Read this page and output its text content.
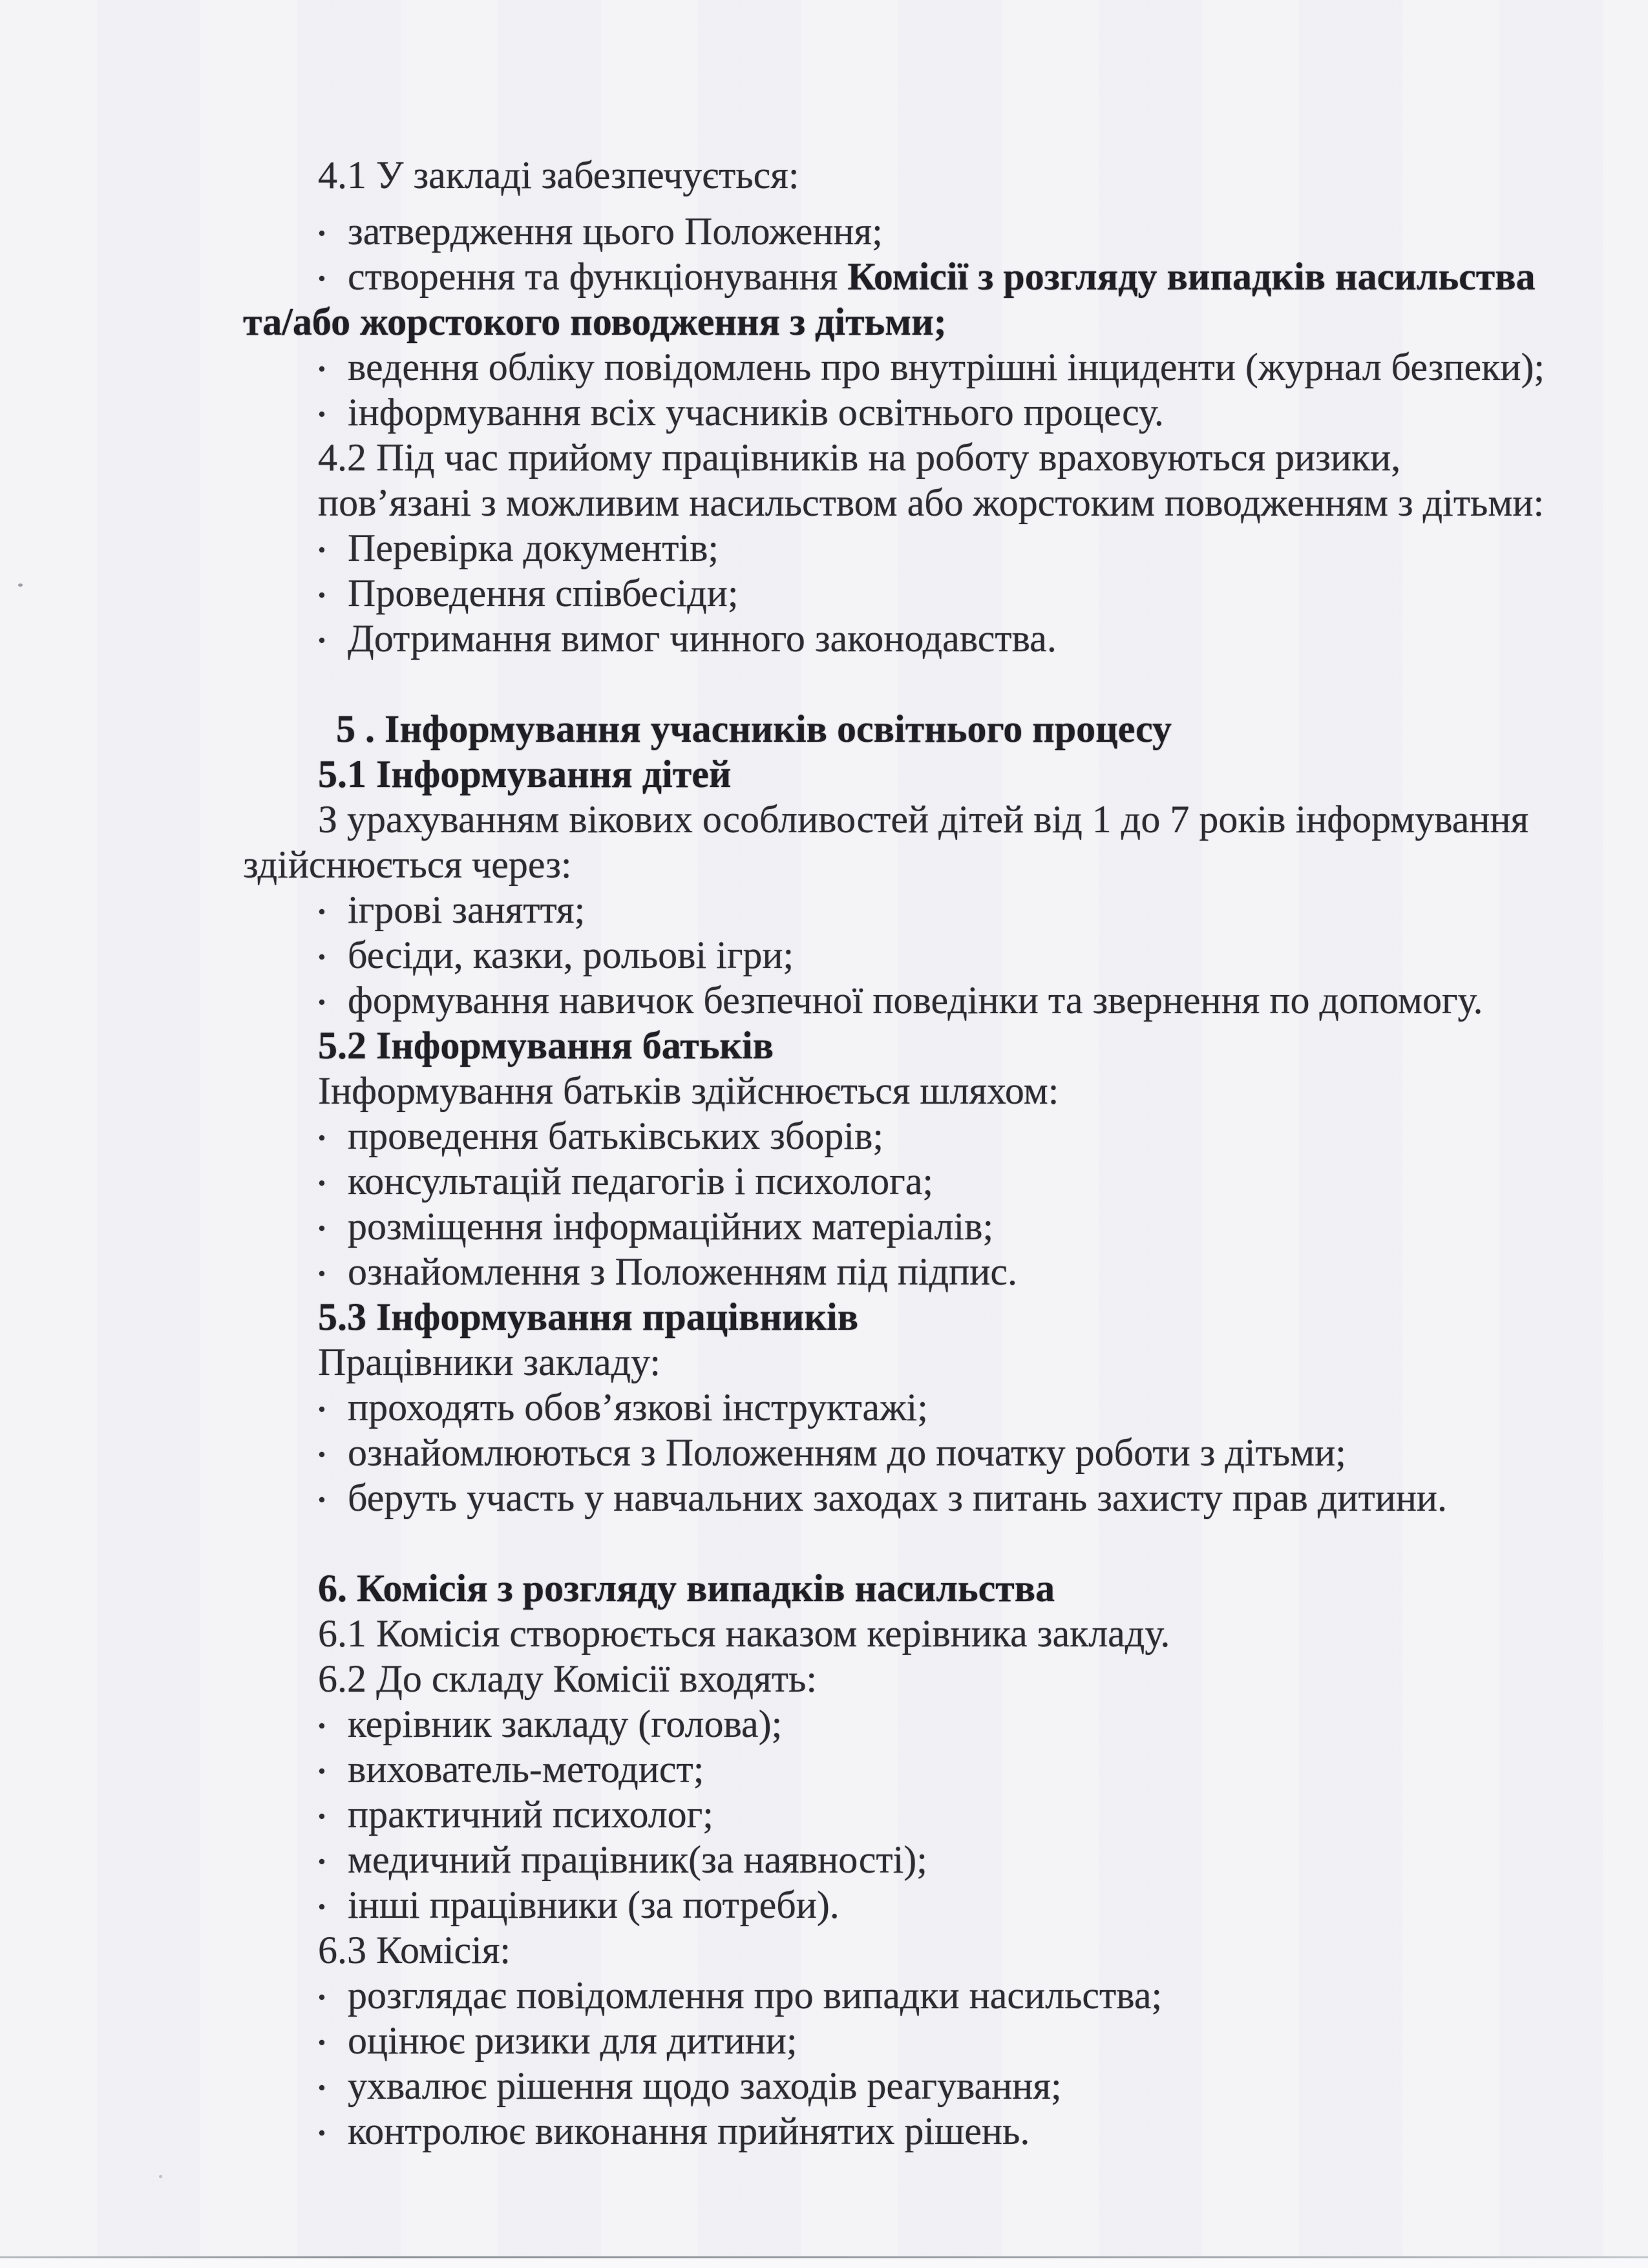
4.1 У закладі забезпечується:
• затвердження цього Положення;
• створення та функціонування Комісії з розгляду випадків насильства
та/або жорстокого поводження з дітьми;
• ведення обліку повідомлень про внутрішні інциденти (журнал безпеки);
• інформування всіх учасників освітнього процесу.
4.2 Під час прийому працівників на роботу враховуються ризики,
пов’язані з можливим насильством або жорстоким поводженням з дітьми:
• Перевірка документів;
• Проведення співбесіди;
• Дотримання вимог чинного законодавства.
5 . Інформування учасників освітнього процесу
5.1 Інформування дітей
З урахуванням вікових особливостей дітей від 1 до 7 років інформування
здійснюється через:
• ігрові заняття;
• бесіди, казки, рольові ігри;
• формування навичок безпечної поведінки та звернення по допомогу.
5.2 Інформування батьків
Інформування батьків здійснюється шляхом:
• проведення батьківських зборів;
• консультацій педагогів і психолога;
• розміщення інформаційних матеріалів;
• ознайомлення з Положенням під підпис.
5.3 Інформування працівників
Працівники закладу:
• проходять обов’язкові інструктажі;
• ознайомлюються з Положенням до початку роботи з дітьми;
• беруть участь у навчальних заходах з питань захисту прав дитини.
6. Комісія з розгляду випадків насильства
6.1 Комісія створюється наказом керівника закладу.
6.2 До складу Комісії входять:
• керівник закладу (голова);
• вихователь-методист;
• практичний психолог;
• медичний працівник(за наявності);
• інші працівники (за потреби).
6.3 Комісія:
• розглядає повідомлення про випадки насильства;
• оцінює ризики для дитини;
• ухвалює рішення щодо заходів реагування;
• контролює виконання прийнятих рішень.
